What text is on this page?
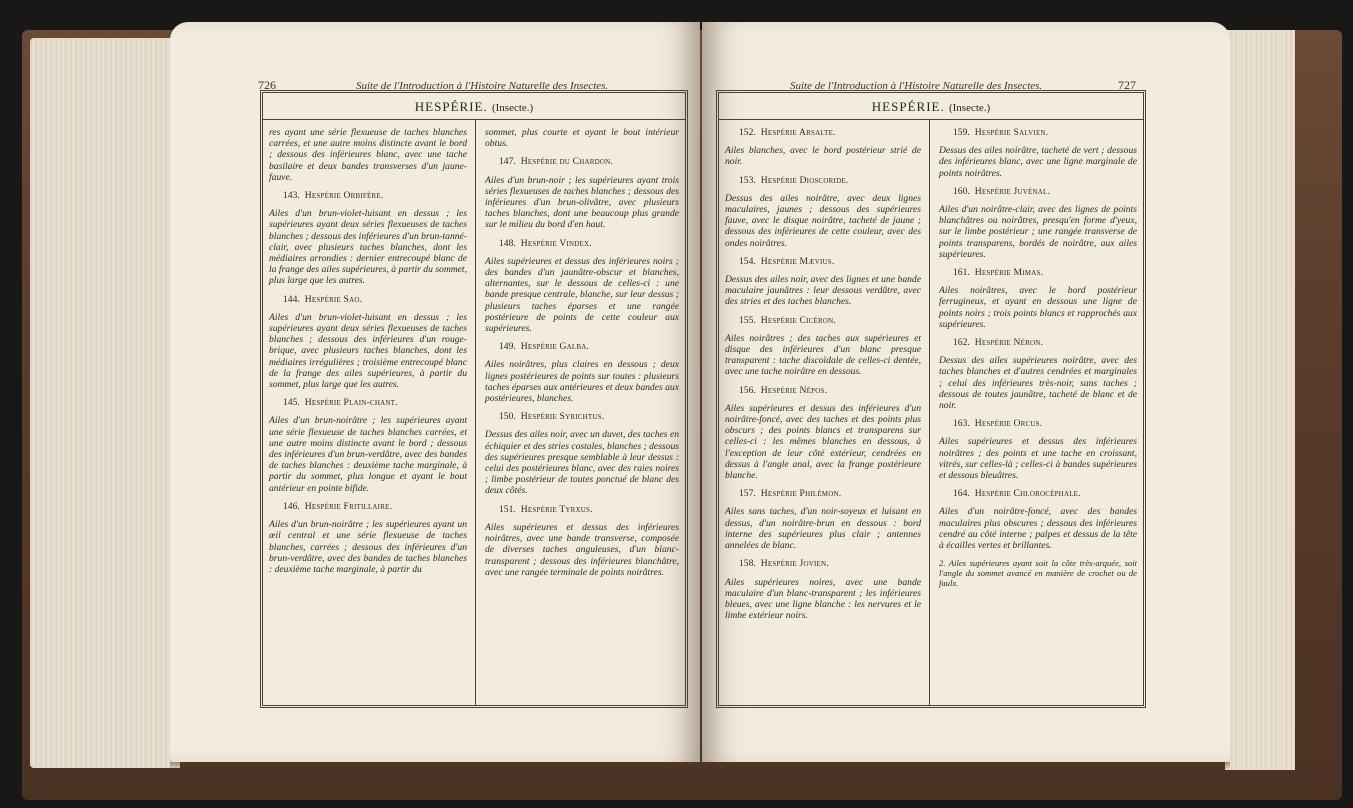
726	Suite de l'Introduction à l'Histoire Naturelle des Insectes.
HESPÉRIE. (Insecte.)

res ayant une série flexueuse de taches blanches carrées, et une autre moins distincte avant le bord ; dessous des inférieures blanc, avec une tache basilaire et deux bandes transverses d'un jaune-fauve.

143. Hespérie Orbifère.

Ailes d'un brun-violet-luisant en dessus ; les supérieures ayant deux séries flexueuses de taches blanches ; dessous des inférieures d'un brun-tanné-clair, avec plusieurs taches blanches, dont les médiaires arrondies : dernier entrecoupé blanc de la frange des ailes supérieures, à partir du sommet, plus large que les autres.

144. Hespérie Sao.

Ailes d'un brun-violet-luisant en dessus ; les supérieures ayant deux séries flexueuses de taches blanches ; dessous des inférieures d'un rouge-brique, avec plusieurs taches blanches, dont les médiaires irrégulières ; troisième entrecoupé blanc de la frange des ailes supérieures, à partir du sommet, plus large que les autres.

145. Hespérie Plain-chant.

Ailes d'un brun-noirâtre ; les supérieures ayant une série flexueuse de taches blanches carrées, et une autre moins distincte avant le bord ; dessous des inférieures d'un brun-verdâtre, avec des bandes de taches blanches : deuxième tache marginale, à partir du sommet, plus longue et ayant le bout antérieur en pointe bifide.

146. Hespérie Fritillaire.

Ailes d'un brun-noirâtre ; les supérieures ayant un œil central et une série flexueuse de taches blanches, carrées ; dessous des inférieures d'un brun-verdâtre, avec des bandes de taches blanches : deuxième tache marginale, à partir du

sommet, plus courte et ayant le bout intérieur obtus.

147. Hespérie du Chardon.

Ailes d'un brun-noir ; les supérieures ayant trois séries flexueuses de taches blanches ; dessous des inférieures d'un brun-olivâtre, avec plusieurs taches blanches, dont une beaucoup plus grande sur le milieu du bord d'en haut.

148. Hespérie Vindex.

Ailes supérieures et dessus des inférieures noirs ; des bandes d'un jaunâtre-obscur et blanches, alternantes, sur le dessous de celles-ci : une bande presque centrale, blanche, sur leur dessus ; plusieurs taches éparses et une rangée postérieure de points de cette couleur aux supérieures.

149. Hespérie Galba.

Ailes noirâtres, plus claires en dessous ; deux lignes postérieures de points sur toutes : plusieurs taches éparses aux antérieures et deux bandes aux postérieures, blanches.

150. Hespérie Syrichtus.

Dessus des ailes noir, avec un duvet, des taches en échiquier et des stries costales, blanches ; dessous des supérieures presque semblable à leur dessus : celui des postérieures blanc, avec des raies noires ; limbe postérieur de toutes ponctué de blanc des deux côtés.

151. Hespérie Tyrxus.

Ailes supérieures et dessus des inférieures noirâtres, avec une bande transverse, composée de diverses taches anguleuses, d'un blanc-transparent ; dessous des inférieures blanchâtre, avec une rangée terminale de points noirâtres.

Suite de l'Introduction à l'Histoire Naturelle des Insectes.	727
HESPÉRIE. (Insecte.)

152. Hespérie Arsalte.

Ailes blanches, avec le bord postérieur strié de noir.

153. Hespérie Dioscoride.

Dessus des ailes noirâtre, avec deux lignes maculaires, jaunes ; dessous des supérieures fauve, avec le disque noirâtre, tacheté de jaune ; dessous des inférieures de cette couleur, avec des ondes noirâtres.

154. Hespérie Mævius.

Dessus des ailes noir, avec des lignes et une bande maculaire jaunâtres : leur dessous verdâtre, avec des stries et des taches blanches.

155. Hespérie Cicéron.

Ailes noirâtres ; des taches aux supérieures et disque des inférieures d'un blanc presque transparent : tache discoïdale de celles-ci dentée, avec une tache noirâtre en dessous.

156. Hespérie Népos.

Ailes supérieures et dessus des inférieures d'un noirâtre-foncé, avec des taches et des points plus obscurs ; des points blancs et transparens sur celles-ci : les mêmes blanches en dessous, à l'exception de leur côté extérieur, cendrées en dessus à l'angle anal, avec la frange postérieure blanche.

157. Hespérie Philémon.

Ailes sans taches, d'un noir-soyeux et luisant en dessus, d'un noirâtre-brun en dessous : bord interne des supérieures plus clair ; antennes annelées de blanc.

158. Hespérie Jovien.

Ailes supérieures noires, avec une bande maculaire d'un blanc-transparent ; les inférieures bleues, avec une ligne blanche : les nervures et le limbe extérieur noirs.

159. Hespérie Salvien.

Dessus des ailes noirâtre, tacheté de vert ; dessous des inférieures blanc, avec une ligne marginale de points noirâtres.

160. Hespérie Juvénal.

Ailes d'un noirâtre-clair, avec des lignes de points blanchâtres ou noirâtres, presqu'en forme d'yeux, sur le limbe postérieur ; une rangée transverse de points transparens, bordés de noirâtre, aux ailes supérieures.

161. Hespérie Mimas.

Ailes noirâtres, avec le bord postérieur ferrugineux, et ayant en dessous une ligne de points noirs ; trois points blancs et rapprochés aux supérieures.

162. Hespérie Néron.

Dessus des ailes supérieures noirâtre, avec des taches blanches et d'autres cendrées et marginales ; celui des inférieures très-noir, sans taches ; dessous de toutes jaunâtre, tacheté de blanc et de noir.

163. Hespérie Orcus.

Ailes supérieures et dessus des inférieures noirâtres ; des points et une tache en croissant, vitrés, sur celles-là ; celles-ci à bandes supérieures et dessous bleuâtres.

164. Hespérie Chlorocéphale.

Ailes d'un noirâtre-foncé, avec des bandes maculaires plus obscures ; dessous des inférieures cendré au côté interne ; palpes et dessus de la tête à écailles vertes et brillantes.

2. Ailes supérieures ayant soit la côte très-arquée, soit l'angle du sommet avancé en manière de crochet ou de faulx.
